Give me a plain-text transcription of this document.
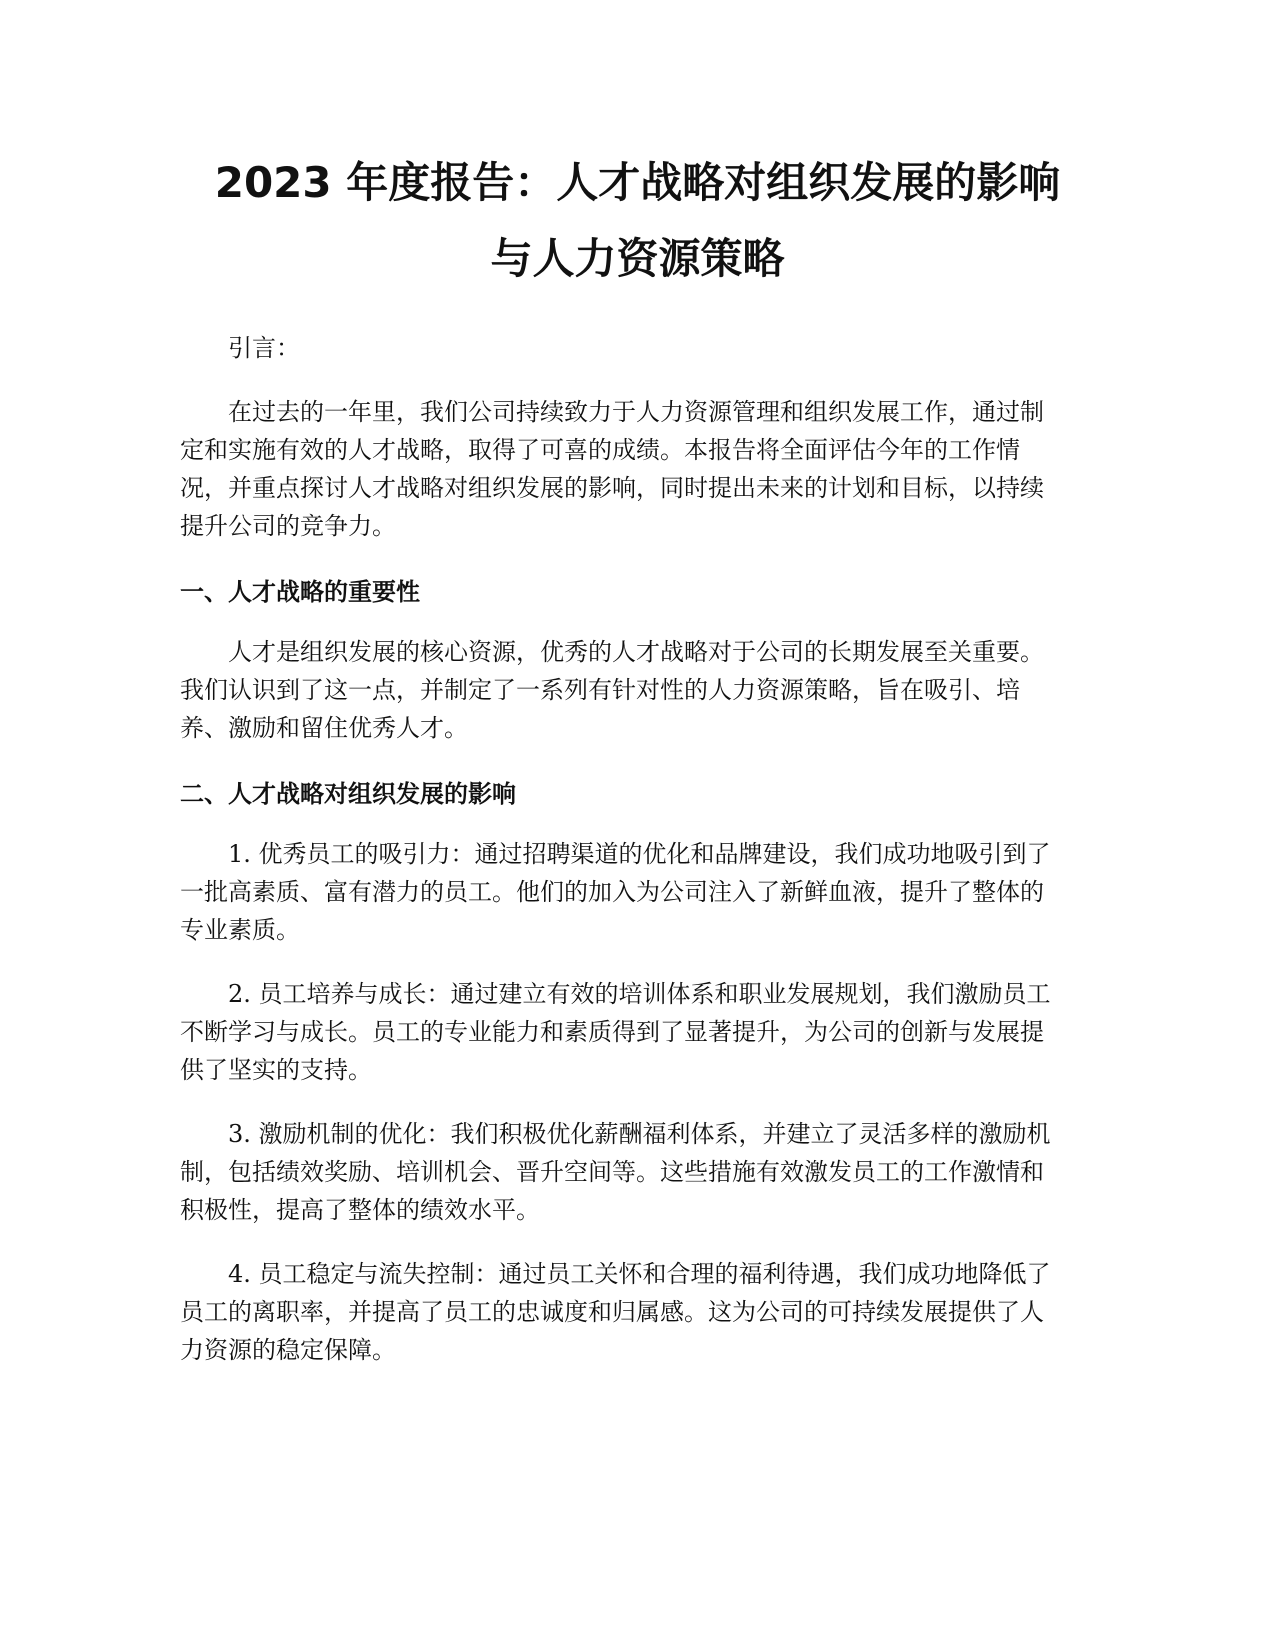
2023 年度报告：人才战略对组织发展的影响
与人力资源策略

引言：

在过去的一年里，我们公司持续致力于人力资源管理和组织发展工作，通过制
定和实施有效的人才战略，取得了可喜的成绩。本报告将全面评估今年的工作情
况，并重点探讨人才战略对组织发展的影响，同时提出未来的计划和目标，以持续
提升公司的竞争力。

一、人才战略的重要性

人才是组织发展的核心资源，优秀的人才战略对于公司的长期发展至关重要。
我们认识到了这一点，并制定了一系列有针对性的人力资源策略，旨在吸引、培
养、激励和留住优秀人才。

二、人才战略对组织发展的影响

1. 优秀员工的吸引力：通过招聘渠道的优化和品牌建设，我们成功地吸引到了
一批高素质、富有潜力的员工。他们的加入为公司注入了新鲜血液，提升了整体的
专业素质。

2. 员工培养与成长：通过建立有效的培训体系和职业发展规划，我们激励员工
不断学习与成长。员工的专业能力和素质得到了显著提升，为公司的创新与发展提
供了坚实的支持。

3. 激励机制的优化：我们积极优化薪酬福利体系，并建立了灵活多样的激励机
制，包括绩效奖励、培训机会、晋升空间等。这些措施有效激发员工的工作激情和
积极性，提高了整体的绩效水平。

4. 员工稳定与流失控制：通过员工关怀和合理的福利待遇，我们成功地降低了
员工的离职率，并提高了员工的忠诚度和归属感。这为公司的可持续发展提供了人
力资源的稳定保障。
